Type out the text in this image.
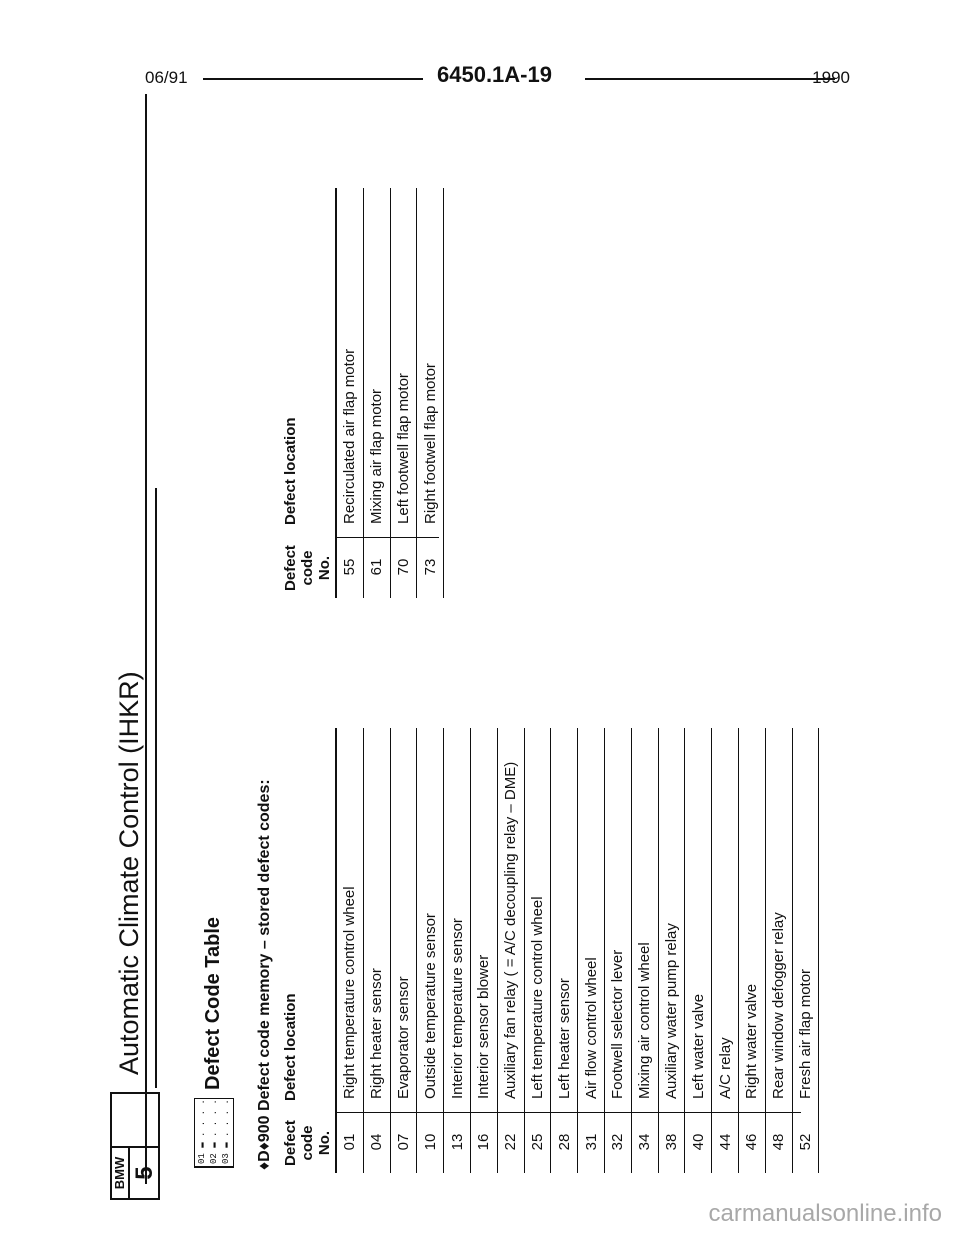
06/91	6450.1A-19	1990
BMW 5
Automatic Climate Control (IHKR)
01 ▬ . . . .
02 ▬ . . . .
03 ▬ . . . .
Defect Code Table ♦D♦900 Defect code memory – stored defect codes: Defect code No.
Defect location
01	Right temperature control wheel
04	Right heater sensor
07	Evaporator sensor
10	Outside temperature sensor
13	Interior temperature sensor
16	Interior sensor blower
22	Auxiliary fan relay ( = A/C decoupling relay – DME)
25	Left temperature control wheel
28	Left heater sensor
31	Air flow control wheel
32	Footwell selector lever
34	Mixing air control wheel
38	Auxiliary water pump relay
40	Left water valve
44	A/C relay
46	Right water valve
48	Rear window defogger relay
52	Fresh air flap motor
Defect code No.
Defect location
55	Recirculated air flap motor
61	Mixing air flap motor
70	Left footwell flap motor
73	Right footwell flap motor
carmanualsonline.info
